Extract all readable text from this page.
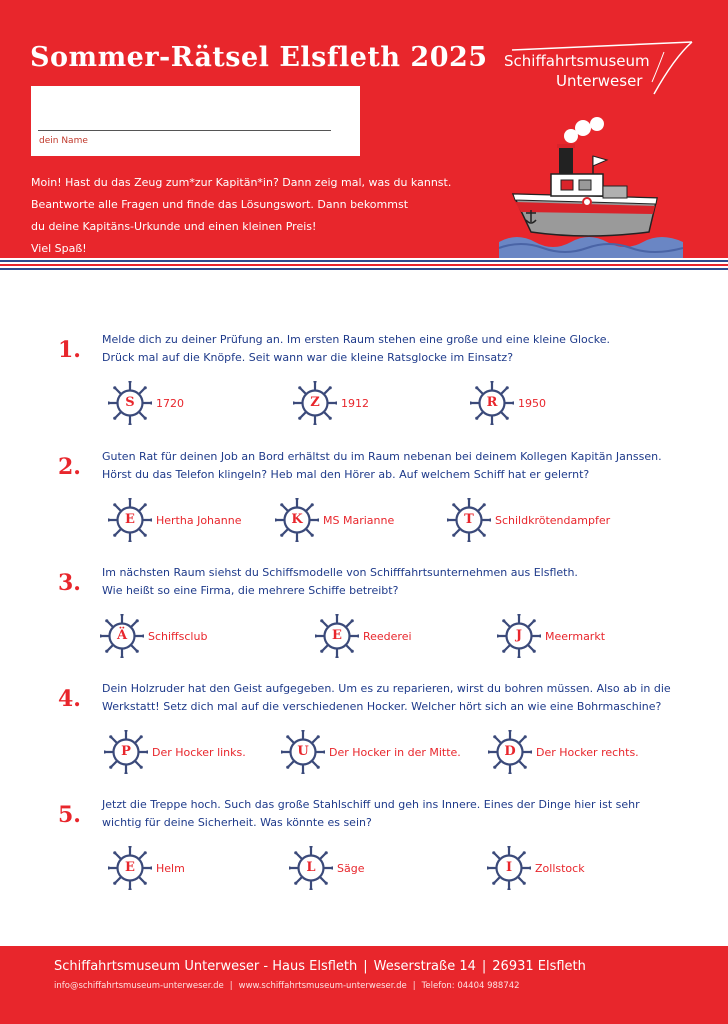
Sommer-Rätsel Elsfleth 2025
dein Name
Schiffahrtsmuseum
Unterweser
Moin! Hast du das Zeug zum*zur Kapitän*in? Dann zeig mal, was du kannst.
Beantworte alle Fragen und finde das Lösungswort. Dann bekommst
du deine Kapitäns-Urkunde und einen kleinen Preis!
Viel Spaß!
1. Melde dich zu deiner Prüfung an. Im ersten Raum stehen eine große und eine kleine Glocke.
Drück mal auf die Knöpfe. Seit wann war die kleine Ratsglocke im Einsatz?
S	1720	Z	1912	R	1950
2. Guten Rat für deinen Job an Bord erhältst du im Raum nebenan bei deinem Kollegen Kapitän Janssen.
Hörst du das Telefon klingeln? Heb mal den Hörer ab. Auf welchem Schiff hat er gelernt?
E	Hertha Johanne	K	MS Marianne	T	Schildkrötendampfer
3. Im nächsten Raum siehst du Schiffsmodelle von Schifffahrtsunternehmen aus Elsfleth.
Wie heißt so eine Firma, die mehrere Schiffe betreibt?
Ä	Schiffsclub	E	Reederei	J	Meermarkt
4. Dein Holzruder hat den Geist aufgegeben. Um es zu reparieren, wirst du bohren müssen. Also ab in die
Werkstatt! Setz dich mal auf die verschiedenen Hocker. Welcher hört sich an wie eine Bohrmaschine?
P	Der Hocker links.	U	Der Hocker in der Mitte.	D	Der Hocker rechts.
5. Jetzt die Treppe hoch. Such das große Stahlschiff und geh ins Innere. Eines der Dinge hier ist sehr
wichtig für deine Sicherheit. Was könnte es sein?
E	Helm	L	Säge	I	Zollstock
Schiffahrtsmuseum Unterweser - Haus Elsfleth | Weserstraße 14 | 26931 Elsfleth
info@schiffahrtsmuseum-unterweser.de | www.schiffahrtsmuseum-unterweser.de | Telefon: 04404 988742
